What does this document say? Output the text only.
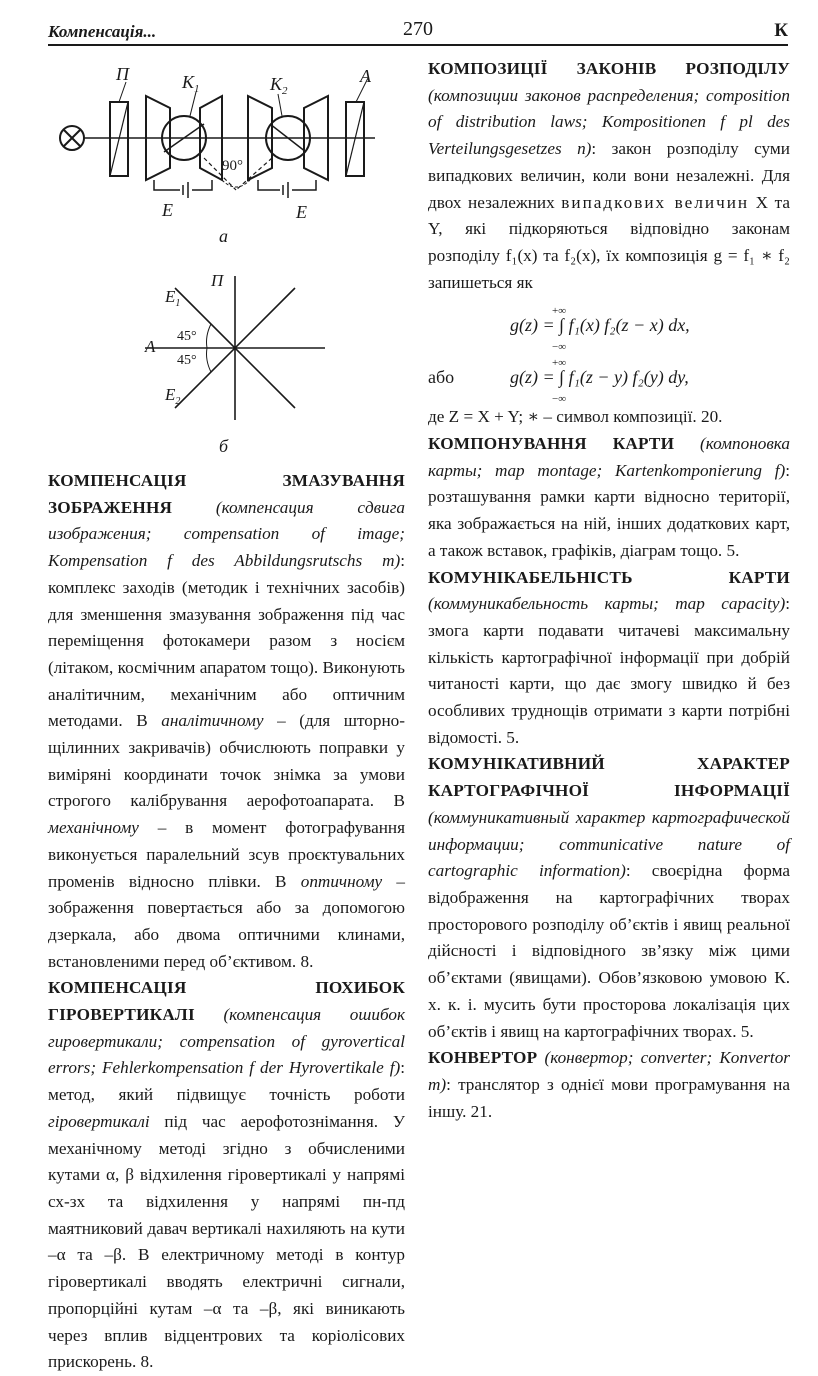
Компенсація...	270	К
П	$K_1$	$K_2$
A
E	E
90°
а
П
$E_1$
A
45°
45°
$E_2$
б

КОМПЕНСАЦІЯ ЗМАЗУВАННЯ ЗОБРАЖЕННЯ	(компенсация сдвига изображения; compensation of image; Kompensation f des Abbildungsrutschs m): комплекс заходів (методик і технічних засобів) для зменшення змазування зображення під час переміщення фотокамери разом з носієм (літаком, космічним апаратом тощо). Виконують аналітичним, механічним або оптичним методами. В аналітичному – (для шторно-щілинних закривачів) обчислюють поправки у виміряні координати точок знімка за умови строгого калібрування аерофотоапарата. В механічному – в момент фотографування виконується паралельний зсув проєктувальних променів відносно плівки. В оптичному – зображення повертається або за допомогою дзеркала, або двома оптичними клинами, встановленими перед об’єктивом. 8.

КОМПЕНСАЦІЯ ПОХИБОК ГІРОВЕРТИКАЛІ (компенсация ошибок гировертикали; compensation of gyrovertical errors; Fehlerkompensation f der Hyrovertikale f): метод, який підвищує точність роботи гіровертикалі під час аерофотознімання. У механічному методі згідно з обчисленими кутами α, β відхилення гіровертикалі у напрямі сх-зх та відхилення у напрямі пн-пд маятниковий давач вертикалі нахиляють на кути –α та –β. В електричному методі в контур гіровертикалі вводять електричні сигнали, пропорційні кутам –α та –β, які виникають через вплив відцентрових та коріолісових прискорень. 8.

КОМПОЗИЦІЇ ЗАКОНІВ РОЗПОДІЛУ (композиции законов распределения; composition of distribution laws; Kompositionen f pl des Verteilungsgesetzes n): закон розподілу суми випадкових величин, коли вони незалежні. Для двох незалежних випадкових величин X та Y, які підкоряються відповідно законам розподілу f₁(x) та f₂(x), їх композиція g = f₁ ∗ f₂ запишеться як

+∞
g(z) = ∫ f₁(x) f₂(z − x) dx,
−∞
або
+∞
g(z) = ∫ f₁(z − y) f₂(y) dy,
−∞

де Z = X + Y; ∗ – символ композиції. 20.

КОМПОНУВАННЯ КАРТИ (компоновка карты; map montage; Kartenkomponierung f): розташування рамки карти відносно території, яка зображається на ній, інших додаткових карт, а також вставок, графіків, діаграм тощо. 5.

КОМУНІКАБЕЛЬНІСТЬ КАРТИ (коммуникабельность карты; map capacity): змога карти подавати читачеві максимальну кількість картографічної інформації при добрій читаності карти, що дає змогу швидко й без особливих труднощів отримати з карти потрібні відомості. 5.

КОМУНІКАТИВНИЙ ХАРАКТЕР КАРТОГРАФІЧНОЇ ІНФОРМАЦІЇ (коммуникативный характер картографической информации; communicative nature of cartographic information): своєрідна форма відображення на картографічних творах просторового розподілу об’єктів і явищ реальної дійсності і відповідного зв’язку між цими об’єктами (явищами). Обов’язковою умовою К. х. к. і. мусить бути просторова локалізація цих об’єктів і явищ на картографічних творах. 5.

КОНВЕРТОР (конвертор; converter; Konvertor m): транслятор з однієї мови програмування на іншу. 21.
